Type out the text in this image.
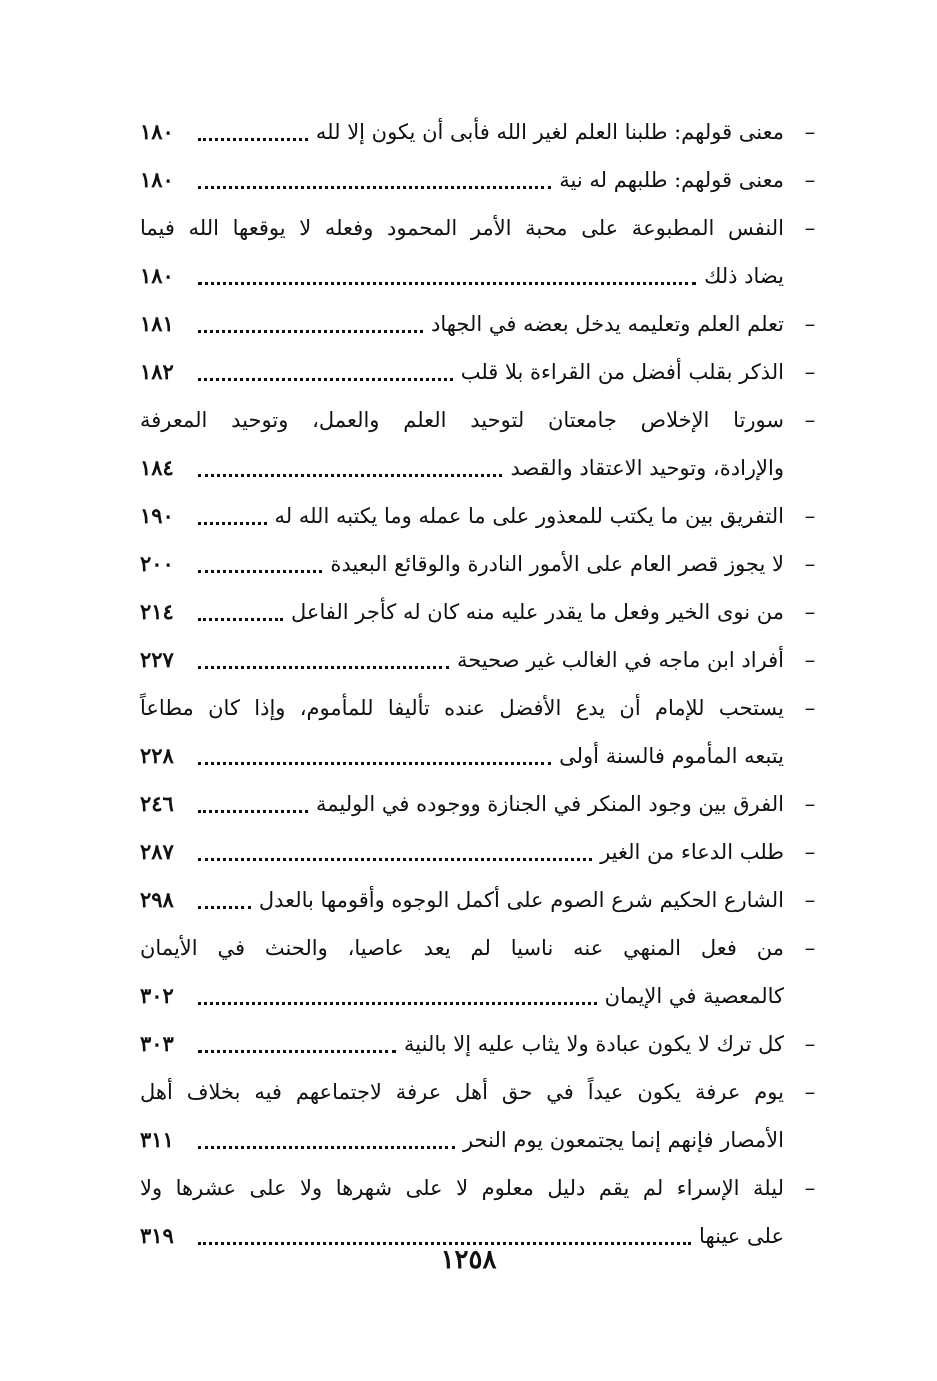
–
معنى قولهم: طلبنا العلم لغير الله فأبى أن يكون إلا لله
١٨٠
–
معنى قولهم: طلبهم له نية
١٨٠
–
النفس المطبوعة على محبة الأمر المحمود وفعله لا يوقعها الله فيما
يضاد ذلك
١٨٠
–
تعلم العلم وتعليمه يدخل بعضه في الجهاد
١٨١
–
الذكر بقلب أفضل من القراءة بلا قلب
١٨٢
–
سورتا الإخلاص جامعتان لتوحيد العلم والعمل، وتوحيد المعرفة
والإرادة، وتوحيد الاعتقاد والقصد
١٨٤
–
التفريق بين ما يكتب للمعذور على ما عمله وما يكتبه الله له
١٩٠
–
لا يجوز قصر العام على الأمور النادرة والوقائع البعيدة
٢٠٠
–
من نوى الخير وفعل ما يقدر عليه منه كان له كأجر الفاعل
٢١٤
–
أفراد ابن ماجه في الغالب غير صحيحة
٢٢٧
–
يستحب للإمام أن يدع الأفضل عنده تأليفا للمأموم، وإذا كان مطاعاً
يتبعه المأموم فالسنة أولى
٢٢٨
–
الفرق بين وجود المنكر في الجنازة ووجوده في الوليمة
٢٤٦
–
طلب الدعاء من الغير
٢٨٧
–
الشارع الحكيم شرع الصوم على أكمل الوجوه وأقومها بالعدل
٢٩٨
–
من فعل المنهي عنه ناسيا لم يعد عاصيا، والحنث في الأيمان
كالمعصية في الإيمان
٣٠٢
–
كل ترك لا يكون عبادة ولا يثاب عليه إلا بالنية
٣٠٣
–
يوم عرفة يكون عيداً في حق أهل عرفة لاجتماعهم فيه بخلاف أهل
الأمصار فإنهم إنما يجتمعون يوم النحر
٣١١
–
ليلة الإسراء لم يقم دليل معلوم لا على شهرها ولا على عشرها ولا
على عينها
٣١٩
١٢٥٨
